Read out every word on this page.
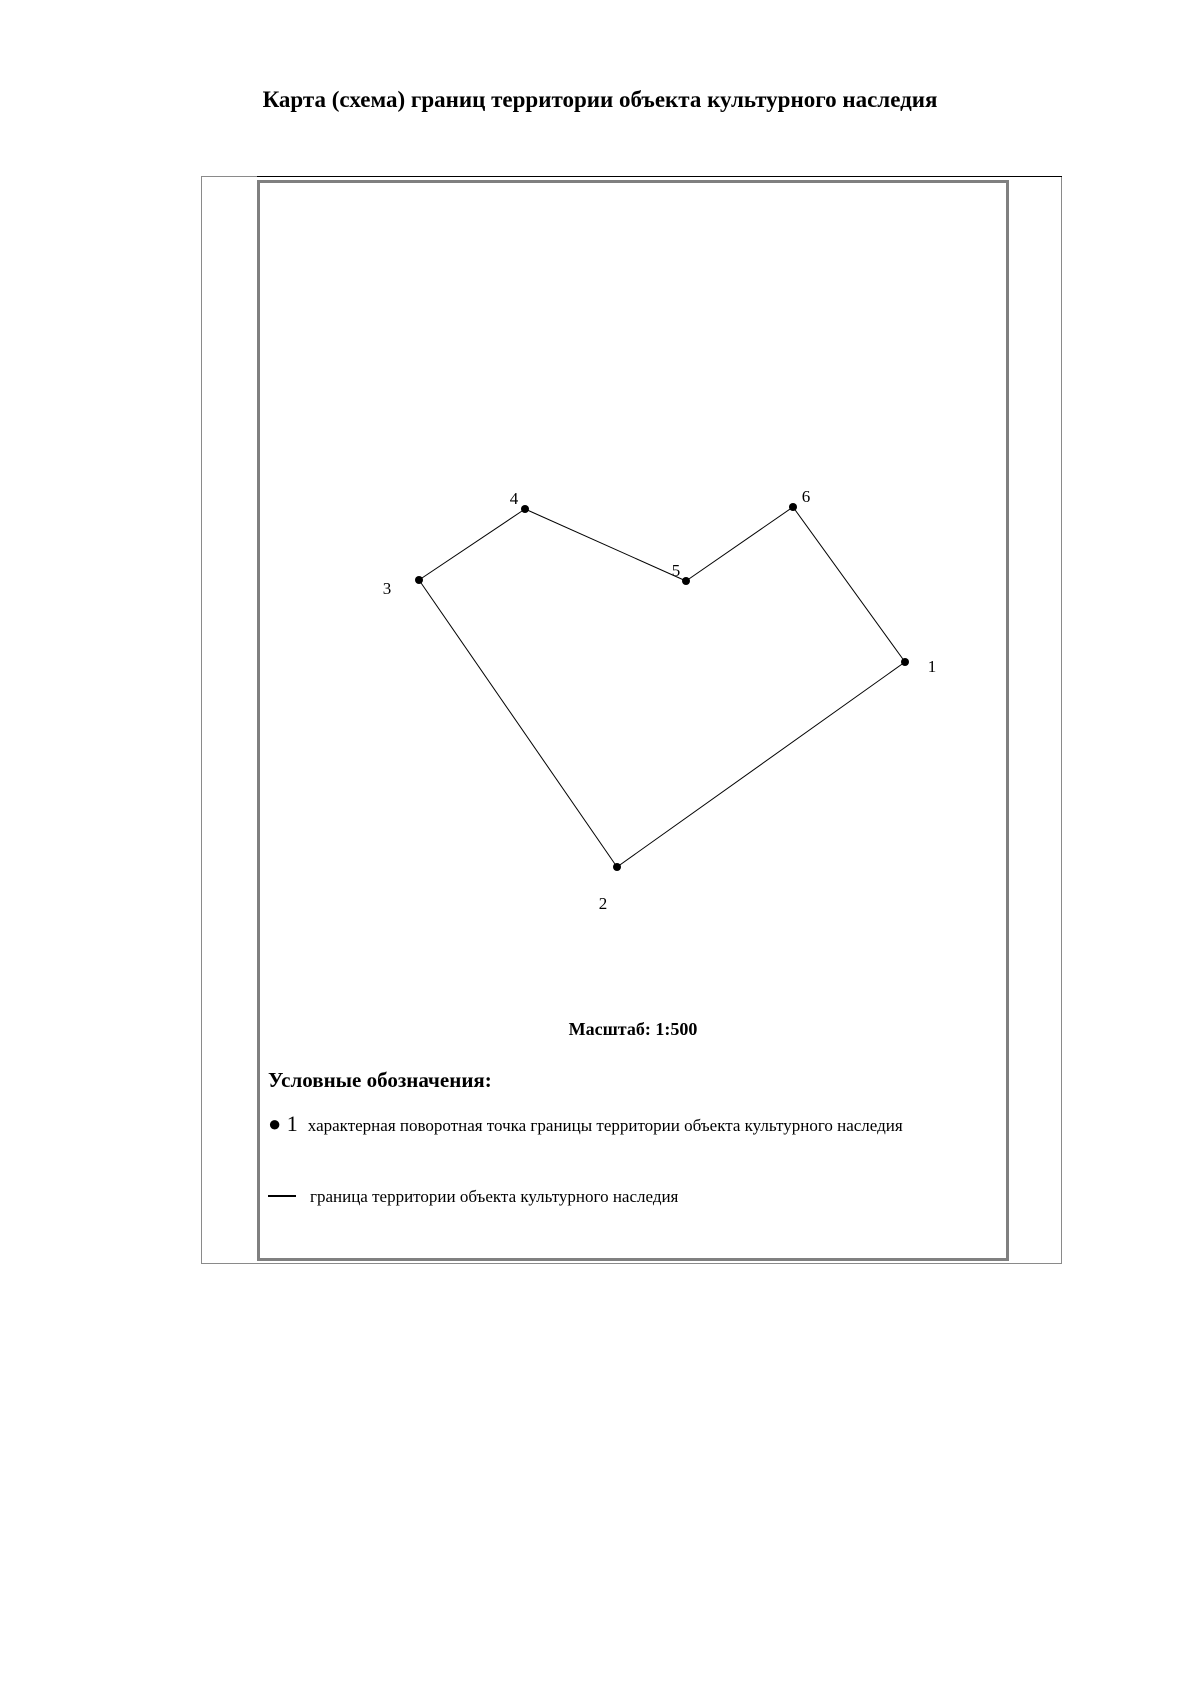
Карта (схема) границ территории объекта культурного наследия
1
2
3
4
5
6
Масштаб: 1:500
Условные обозначения:
● 1 характерная поворотная точка границы территории объекта культурного наследия
граница территории объекта культурного наследия
